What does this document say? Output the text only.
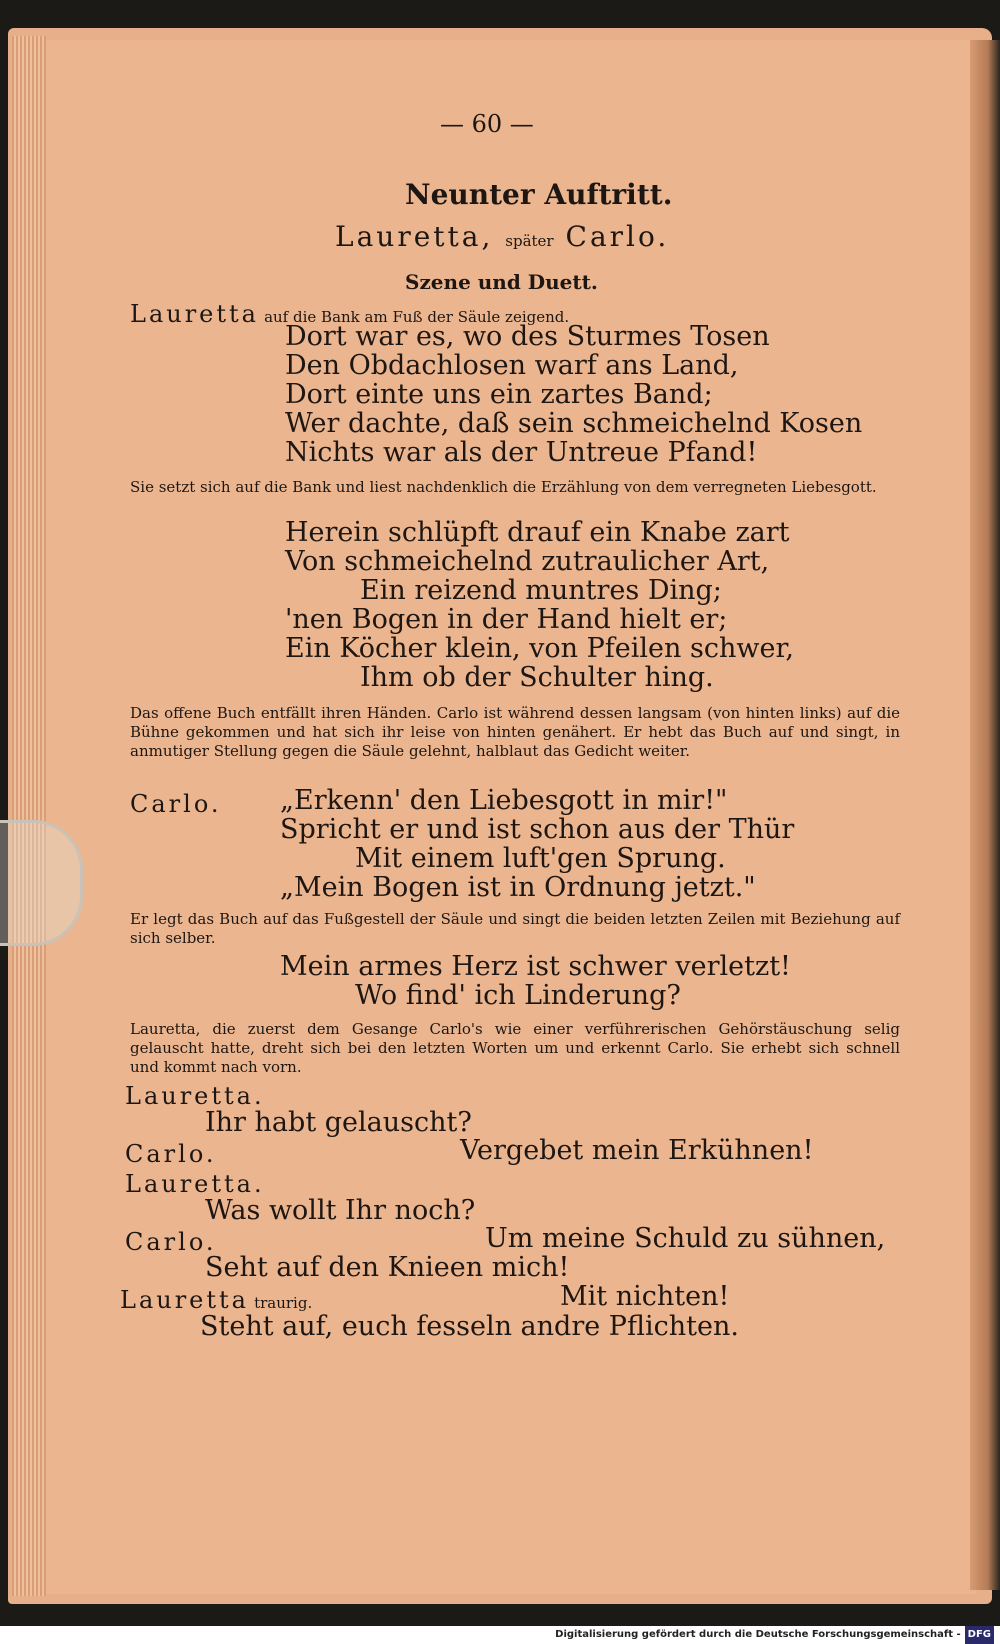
— 60 —
Neunter Auftritt.
Lauretta, später Carlo.
Szene und Duett.
Lauretta auf die Bank am Fuß der Säule zeigend.
Dort war es, wo des Sturmes Tosen
Den Obdachlosen warf ans Land,
Dort einte uns ein zartes Band;
Wer dachte, daß sein schmeichelnd Kosen
Nichts war als der Untreue Pfand!
Sie setzt sich auf die Bank und liest nachdenklich die Erzählung von dem verregneten Liebesgott.
Herein schlüpft drauf ein Knabe zart
Von schmeichelnd zutraulicher Art,
Ein reizend muntres Ding;
'nen Bogen in der Hand hielt er;
Ein Köcher klein, von Pfeilen schwer,
Ihm ob der Schulter hing.
Das offene Buch entfällt ihren Händen. Carlo ist während dessen langsam (von hinten links) auf die Bühne gekommen und hat sich ihr leise von hinten genähert. Er hebt das Buch auf und singt, in anmutiger Stellung gegen die Säule gelehnt, halblaut das Gedicht weiter.
Carlo. „Erkenn' den Liebesgott in mir!"
Spricht er und ist schon aus der Thür
Mit einem luft'gen Sprung.
„Mein Bogen ist in Ordnung jetzt."
Er legt das Buch auf das Fußgestell der Säule und singt die beiden letzten Zeilen mit Beziehung auf sich selber.
Mein armes Herz ist schwer verletzt!
Wo find' ich Linderung?
Lauretta, die zuerst dem Gesange Carlo's wie einer verführerischen Gehörstäuschung selig gelauscht hatte, dreht sich bei den letzten Worten um und erkennt Carlo. Sie erhebt sich schnell und kommt nach vorn.
Lauretta.
Ihr habt gelauscht?
Carlo.	Vergebet mein Erkühnen!
Lauretta.
Was wollt Ihr noch?
Carlo.	Um meine Schuld zu sühnen,
Seht auf den Knieen mich!
Lauretta traurig.	Mit nichten!
Steht auf, euch fesseln andre Pflichten.
Digitalisierung gefördert durch die Deutsche Forschungsgemeinschaft - DFG
